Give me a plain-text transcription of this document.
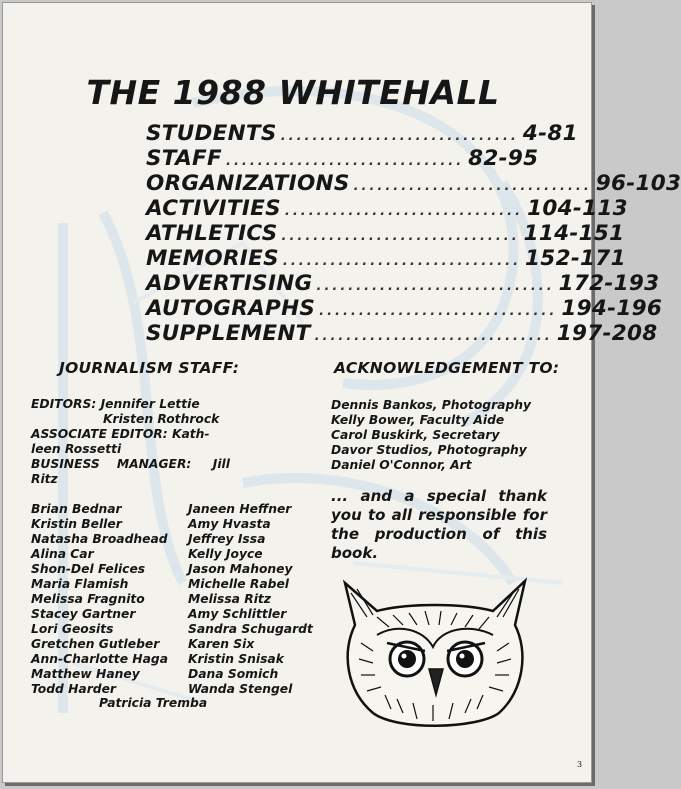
THE 1988 WHITEHALL
STUDENTS .............................. 4-81
STAFF .............................. 82-95
ORGANIZATIONS .............................. 96-103
ACTIVITIES .............................. 104-113
ATHLETICS .............................. 114-151
MEMORIES .............................. 152-171
ADVERTISING .............................. 172-193
AUTOGRAPHS .............................. 194-196
SUPPLEMENT .............................. 197-208
JOURNALISM STAFF:	ACKNOWLEDGEMENT TO:
EDITORS: Jennifer Lettie
Kristen Rothrock
ASSOCIATE EDITOR: Kath-
leen Rossetti
BUSINESS MANAGER: Jill
Ritz
Brian Bednar
Kristin Beller
Natasha Broadhead
Alina Car
Shon-Del Felices
Maria Flamish
Melissa Fragnito
Stacey Gartner
Lori Geosits
Gretchen Gutleber
Ann-Charlotte Haga
Matthew Haney
Todd Harder
Janeen Heffner
Amy Hvasta
Jeffrey Issa
Kelly Joyce
Jason Mahoney
Michelle Rabel
Melissa Ritz
Amy Schlittler
Sandra Schugardt
Karen Six
Kristin Snisak
Dana Somich
Wanda Stengel
Patricia Tremba
Dennis Bankos, Photography
Kelly Bower, Faculty Aide
Carol Buskirk, Secretary
Davor Studios, Photography
Daniel O'Connor, Art
... and a special thank you to all responsible for the production of this book.
3
